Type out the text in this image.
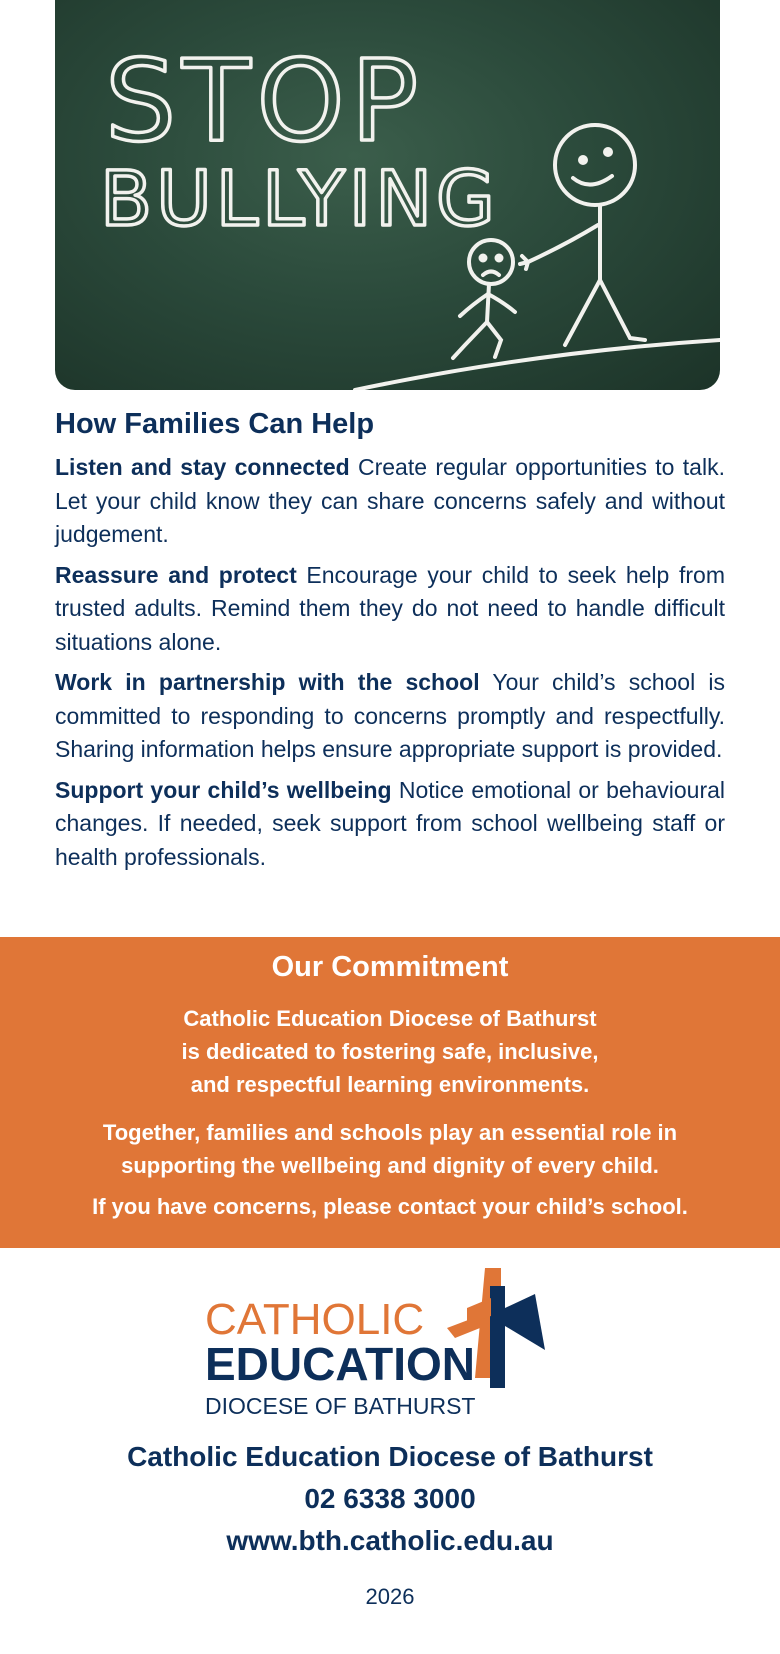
STOP
BULLYING
How Families Can Help

Listen and stay connected Create regular opportunities to talk. Let your child know they can share concerns safely and without judgement.

Reassure and protect Encourage your child to seek help from trusted adults. Remind them they do not need to handle difficult situations alone.

Work in partnership with the school Your child’s school is committed to responding to concerns promptly and respectfully. Sharing information helps ensure appropriate support is provided.

Support your child’s wellbeing Notice emotional or behavioural changes. If needed, seek support from school wellbeing staff or health professionals.

Our Commitment
Catholic Education Diocese of Bathurst
is dedicated to fostering safe, inclusive,
and respectful learning environments.
Together, families and schools play an essential role in
supporting the wellbeing and dignity of every child.
If you have concerns, please contact your child’s school.
CATHOLIC
EDUCATION
DIOCESE OF BATHURST
Catholic Education Diocese of Bathurst
02 6338 3000
www.bth.catholic.edu.au
2026
